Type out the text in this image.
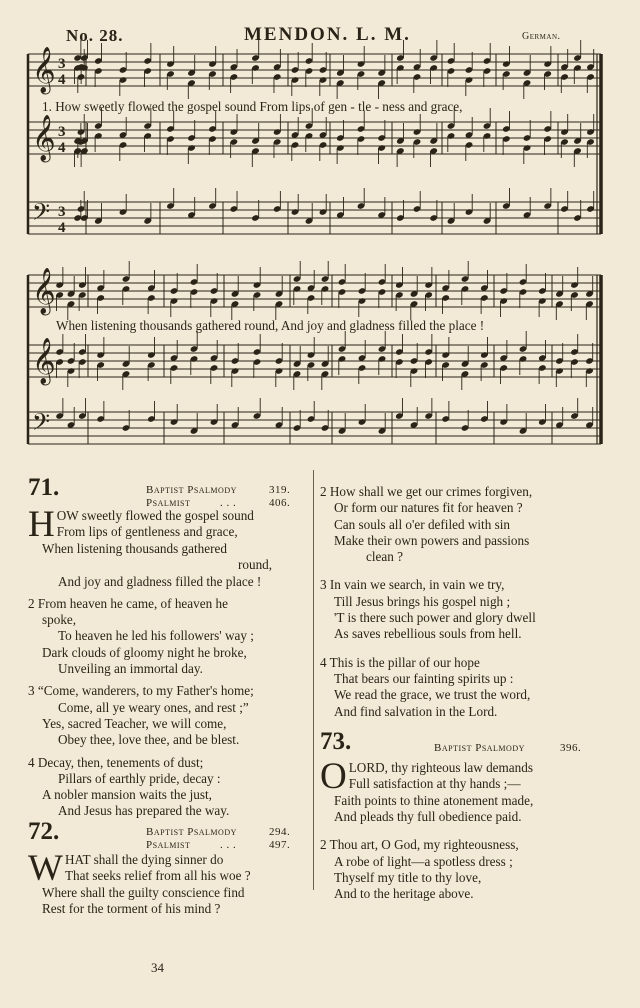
No. 28.	MENDON. L. M.	German.
𝄞 3
4
𝄞 3
4
𝄢 3
4
𝄞
𝄞
𝄢
1. How sweetly flowed the gospel sound From lips of gen - tle - ness and grace,
When listening thousands gathered round, And joy and gladness filled the place !
71.	Baptist Psalmody	319.
Psalmist	. . .	406.
H OW sweetly flowed the gospel sound
From lips of gentleness and grace,
When listening thousands gathered
round,
And joy and gladness filled the place !
2 From heaven he came, of heaven he
spoke,
To heaven he led his followers' way ;
Dark clouds of gloomy night he broke,
Unveiling an immortal day.
3 “Come, wanderers, to my Father's home;
Come, all ye weary ones, and rest ;”
Yes, sacred Teacher, we will come,
Obey thee, love thee, and be blest.
4 Decay, then, tenements of dust;
Pillars of earthly pride, decay :
A nobler mansion waits the just,
And Jesus has prepared the way.
72.	Baptist Psalmody	294.
Psalmist	. . .	497.
W HAT shall the dying sinner do
That seeks relief from all his woe ?
Where shall the guilty conscience find
Rest for the torment of his mind ?
2 How shall we get our crimes forgiven,
Or form our natures fit for heaven ?
Can souls all o'er defiled with sin
Make their own powers and passions
clean ?
3 In vain we search, in vain we try,
Till Jesus brings his gospel nigh ;
'T is there such power and glory dwell
As saves rebellious souls from hell.
4 This is the pillar of our hope
That bears our fainting spirits up :
We read the grace, we trust the word,
And find salvation in the Lord.
73.	Baptist Psalmody	396.
O LORD, thy righteous law demands
Full satisfaction at thy hands ;—
Faith points to thine atonement made,
And pleads thy full obedience paid.
2 Thou art, O God, my righteousness,
A robe of light—a spotless dress ;
Thyself my title to thy love,
And to the heritage above.
34
